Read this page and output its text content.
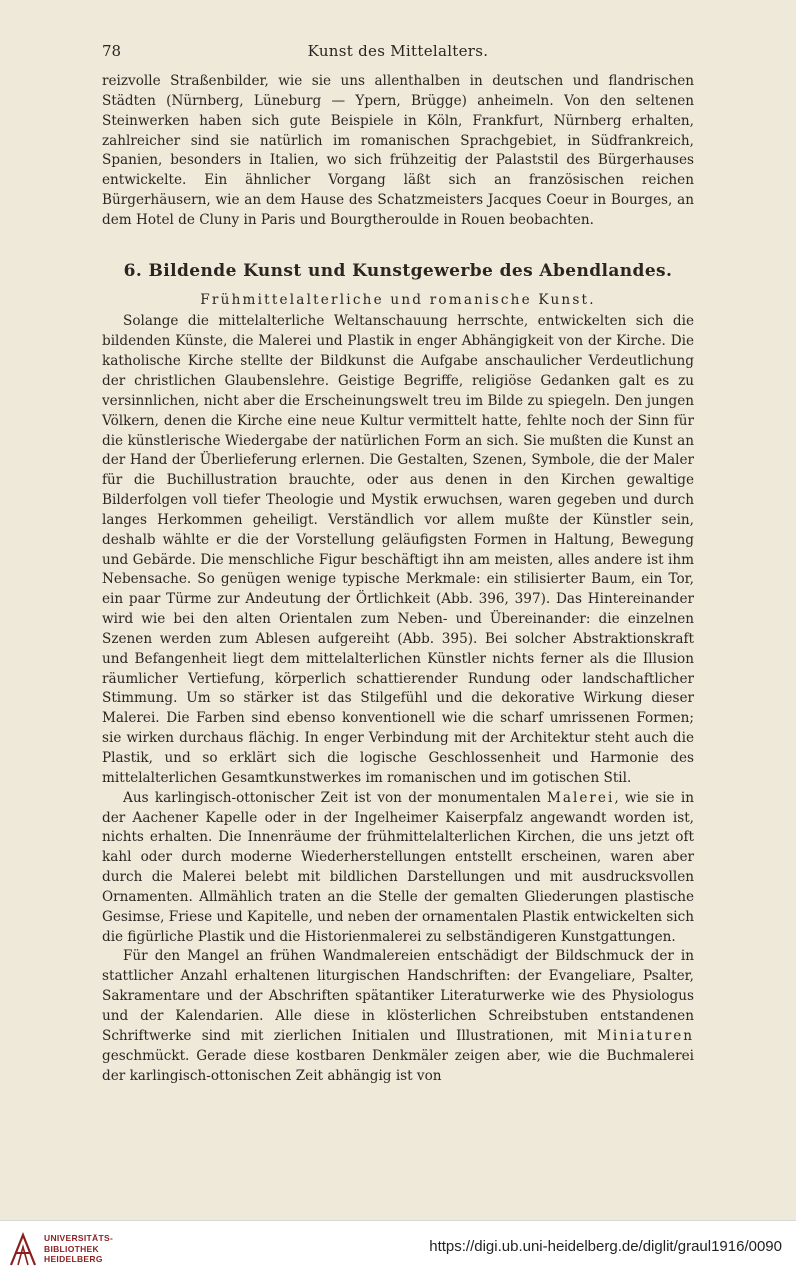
78	Kunst des Mittelalters.

reizvolle Straßenbilder, wie sie uns allenthalben in deutschen und flandrischen Städten (Nürnberg, Lüneburg — Ypern, Brügge) anheimeln. Von den seltenen Steinwerken haben sich gute Beispiele in Köln, Frankfurt, Nürnberg erhalten, zahlreicher sind sie natürlich im romanischen Sprachgebiet, in Südfrankreich, Spanien, besonders in Italien, wo sich frühzeitig der Palaststil des Bürgerhauses entwickelte. Ein ähnlicher Vorgang läßt sich an französischen reichen Bürgerhäusern, wie an dem Hause des Schatzmeisters Jacques Coeur in Bourges, an dem Hotel de Cluny in Paris und Bourgtheroulde in Rouen beobachten.

6. Bildende Kunst und Kunstgewerbe des Abendlandes.
Frühmittelalterliche und romanische Kunst.

Solange die mittelalterliche Weltanschauung herrschte, entwickelten sich die bildenden Künste, die Malerei und Plastik in enger Abhängigkeit von der Kirche. Die katholische Kirche stellte der Bildkunst die Aufgabe anschaulicher Verdeutlichung der christlichen Glaubenslehre. Geistige Begriffe, religiöse Gedanken galt es zu versinnlichen, nicht aber die Erscheinungswelt treu im Bilde zu spiegeln. Den jungen Völkern, denen die Kirche eine neue Kultur vermittelt hatte, fehlte noch der Sinn für die künstlerische Wiedergabe der natürlichen Form an sich. Sie mußten die Kunst an der Hand der Überlieferung erlernen. Die Gestalten, Szenen, Symbole, die der Maler für die Buchillustration brauchte, oder aus denen in den Kirchen gewaltige Bilderfolgen voll tiefer Theologie und Mystik erwuchsen, waren gegeben und durch langes Herkommen geheiligt. Verständlich vor allem mußte der Künstler sein, deshalb wählte er die der Vorstellung geläufigsten Formen in Haltung, Bewegung und Gebärde. Die menschliche Figur beschäftigt ihn am meisten, alles andere ist ihm Nebensache. So genügen wenige typische Merkmale: ein stilisierter Baum, ein Tor, ein paar Türme zur Andeutung der Örtlichkeit (Abb. 396, 397). Das Hintereinander wird wie bei den alten Orientalen zum Neben- und Übereinander: die einzelnen Szenen werden zum Ablesen aufgereiht (Abb. 395). Bei solcher Abstraktionskraft und Befangenheit liegt dem mittelalterlichen Künstler nichts ferner als die Illusion räumlicher Vertiefung, körperlich schattierender Rundung oder landschaftlicher Stimmung. Um so stärker ist das Stilgefühl und die dekorative Wirkung dieser Malerei. Die Farben sind ebenso konventionell wie die scharf umrissenen Formen; sie wirken durchaus flächig. In enger Verbindung mit der Architektur steht auch die Plastik, und so erklärt sich die logische Geschlossenheit und Harmonie des mittelalterlichen Gesamtkunstwerkes im romanischen und im gotischen Stil.

Aus karlingisch-ottonischer Zeit ist von der monumentalen Malerei, wie sie in der Aachener Kapelle oder in der Ingelheimer Kaiserpfalz angewandt worden ist, nichts erhalten. Die Innenräume der frühmittelalterlichen Kirchen, die uns jetzt oft kahl oder durch moderne Wiederherstellungen entstellt erscheinen, waren aber durch die Malerei belebt mit bildlichen Darstellungen und mit ausdrucksvollen Ornamenten. Allmählich traten an die Stelle der gemalten Gliederungen plastische Gesimse, Friese und Kapitelle, und neben der ornamentalen Plastik entwickelten sich die figürliche Plastik und die Historienmalerei zu selbständigeren Kunstgattungen.

Für den Mangel an frühen Wandmalereien entschädigt der Bildschmuck der in stattlicher Anzahl erhaltenen liturgischen Handschriften: der Evangeliare, Psalter, Sakramentare und der Abschriften spätantiker Literaturwerke wie des Physiologus und der Kalendarien. Alle diese in klösterlichen Schreibstuben entstandenen Schriftwerke sind mit zierlichen Initialen und Illustrationen, mit Miniaturen geschmückt. Gerade diese kostbaren Denkmäler zeigen aber, wie die Buchmalerei der karlingisch-ottonischen Zeit abhängig ist von

UNIVERSITÄTS-
BIBLIOTHEK
HEIDELBERG
https://digi.ub.uni-heidelberg.de/diglit/graul1916/0090
